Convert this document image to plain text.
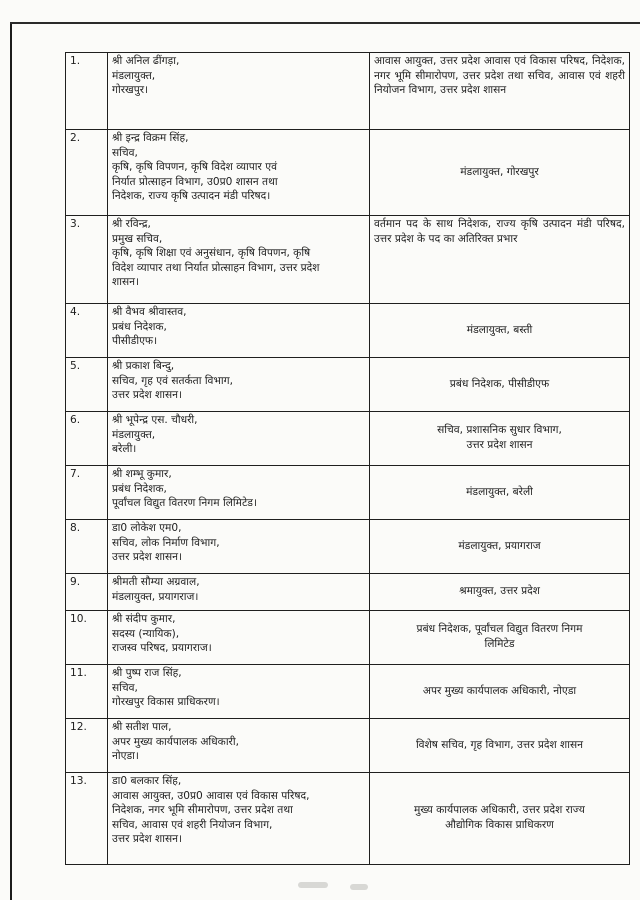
1.	श्री अनिल ढींगड़ा,
मंडलायुक्त,
गोरखपुर।	आवास आयुक्त, उत्तर प्रदेश आवास एवं विकास परिषद, निदेशक, नगर भूमि सीमारोपण, उत्तर प्रदेश तथा सचिव, आवास एवं शहरी नियोजन विभाग, उत्तर प्रदेश शासन

2.	श्री इन्द्र विक्रम सिंह,
सचिव,
कृषि, कृषि विपणन, कृषि विदेश व्यापार एवं
निर्यात प्रोत्साहन विभाग, उ0प्र0 शासन तथा
निदेशक, राज्य कृषि उत्पादन मंडी परिषद।	मंडलायुक्त, गोरखपुर

3.	श्री रविन्द्र,
प्रमुख सचिव,
कृषि, कृषि शिक्षा एवं अनुसंधान, कृषि विपणन, कृषि
विदेश व्यापार तथा निर्यात प्रोत्साहन विभाग, उत्तर प्रदेश
शासन।	वर्तमान पद के साथ निदेशक, राज्य कृषि उत्पादन मंडी परिषद, उत्तर प्रदेश के पद का अतिरिक्त प्रभार

4.	श्री वैभव श्रीवास्तव,
प्रबंध निदेशक,
पीसीडीएफ।	मंडलायुक्त, बस्ती

5.	श्री प्रकाश बिन्दु,
सचिव, गृह एवं सतर्कता विभाग,
उत्तर प्रदेश शासन।	प्रबंध निदेशक, पीसीडीएफ

6.	श्री भूपेन्द्र एस. चौधरी,
मंडलायुक्त,
बरेली।	सचिव, प्रशासनिक सुधार विभाग,
उत्तर प्रदेश शासन

7.	श्री शम्भू कुमार,
प्रबंध निदेशक,
पूर्वांचल विद्युत वितरण निगम लिमिटेड।	मंडलायुक्त, बरेली

8.	डा0 लोकेश एम0,
सचिव, लोक निर्माण विभाग,
उत्तर प्रदेश शासन।	मंडलायुक्त, प्रयागराज

9.	श्रीमती सौम्या अग्रवाल,
मंडलायुक्त, प्रयागराज।	श्रमायुक्त, उत्तर प्रदेश

10.	श्री संदीप कुमार,
सदस्य (न्यायिक),
राजस्व परिषद, प्रयागराज।	प्रबंध निदेशक, पूर्वांचल विद्युत वितरण निगम
लिमिटेड

11.	श्री पुष्प राज सिंह,
सचिव,
गोरखपुर विकास प्राधिकरण।	अपर मुख्य कार्यपालक अधिकारी, नोएडा

12.	श्री सतीश पाल,
अपर मुख्य कार्यपालक अधिकारी,
नोएडा।	विशेष सचिव, गृह विभाग, उत्तर प्रदेश शासन

13.	डा0 बलकार सिंह,
आवास आयुक्त, उ0प्र0 आवास एवं विकास परिषद,
निदेशक, नगर भूमि सीमारोपण, उत्तर प्रदेश तथा
सचिव, आवास एवं शहरी नियोजन विभाग,
उत्तर प्रदेश शासन।	मुख्य कार्यपालक अधिकारी, उत्तर प्रदेश राज्य
औद्योगिक विकास प्राधिकरण
